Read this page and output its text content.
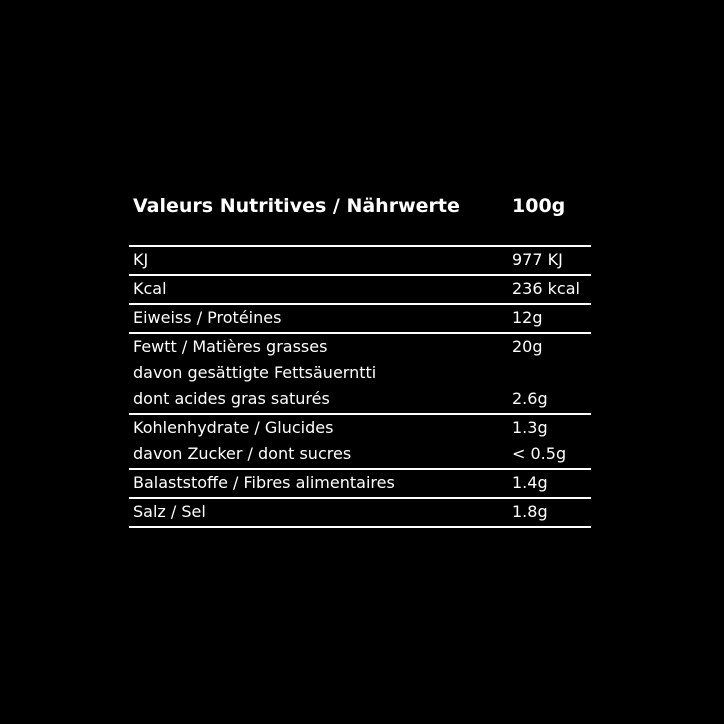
Valeurs Nutritives / Nährwerte	100g
KJ	977 KJ
Kcal	236 kcal
Eiweiss / Protéines	12g
Fewtt / Matières grasses	20g
davon gesättigte Fettsäuerntti
dont acides gras saturés	2.6g
Kohlenhydrate / Glucides	1.3g
davon Zucker / dont sucres	< 0.5g
Balaststoffe / Fibres alimentaires	1.4g
Salz / Sel	1.8g
